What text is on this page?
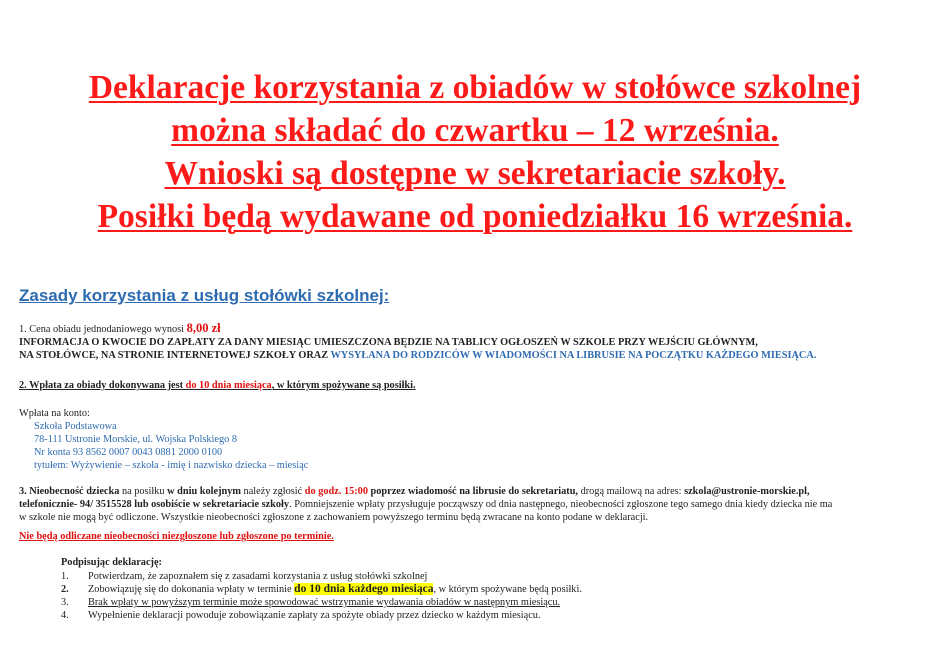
Deklaracje korzystania z obiadów w stołówce szkolnej
można składać do czwartku – 12 września.
Wnioski są dostępne w sekretariacie szkoły.
Posiłki będą wydawane od poniedziałku 16 września.
Zasady korzystania z usług stołówki szkolnej:
1. Cena obiadu jednodaniowego wynosi 8,00 zł
INFORMACJA O KWOCIE DO ZAPŁATY ZA DANY MIESIĄC UMIESZCZONA BĘDZIE NA TABLICY OGŁOSZEŃ W SZKOLE PRZY WEJŚCIU GŁÓWNYM,
NA STOŁÓWCE, NA STRONIE INTERNETOWEJ SZKOŁY ORAZ WYSYŁANA DO RODZICÓW W WIADOMOŚCI NA LIBRUSIE NA POCZĄTKU KAŻDEGO MIESIĄCA.
2. Wpłata za obiady dokonywana jest do 10 dnia miesiąca, w którym spożywane są posiłki.
Wpłata na konto:
Szkoła Podstawowa
78-111 Ustronie Morskie, ul. Wojska Polskiego 8
Nr konta 93 8562 0007 0043 0881 2000 0100
tytułem: Wyżywienie – szkoła - imię i nazwisko dziecka – miesiąc
3. Nieobecność dziecka na posiłku w dniu kolejnym należy zgłosić do godz. 15:00 poprzez wiadomość na librusie do sekretariatu, drogą mailową na adres: szkola@ustronie-morskie.pl,
telefonicznie- 94/ 3515528 lub osobiście w sekretariacie szkoły. Pomniejszenie wpłaty przysługuje począwszy od dnia następnego, nieobecności zgłoszone tego samego dnia kiedy dziecka nie ma
w szkole nie mogą być odliczone. Wszystkie nieobecności zgłoszone z zachowaniem powyższego terminu będą zwracane na konto podane w deklaracji.
Nie będą odliczane nieobecności niezgłoszone lub zgłoszone po terminie.
Podpisując deklarację:
1. Potwierdzam, że zapoznałem się z zasadami korzystania z usług stołówki szkolnej
2. Zobowiązuję się do dokonania wpłaty w terminie do 10 dnia każdego miesiąca, w którym spożywane będą posiłki.
3. Brak wpłaty w powyższym terminie może spowodować wstrzymanie wydawania obiadów w następnym miesiącu.
4. Wypełnienie deklaracji powoduje zobowiązanie zapłaty za spożyte obiady przez dziecko w każdym miesiącu.
